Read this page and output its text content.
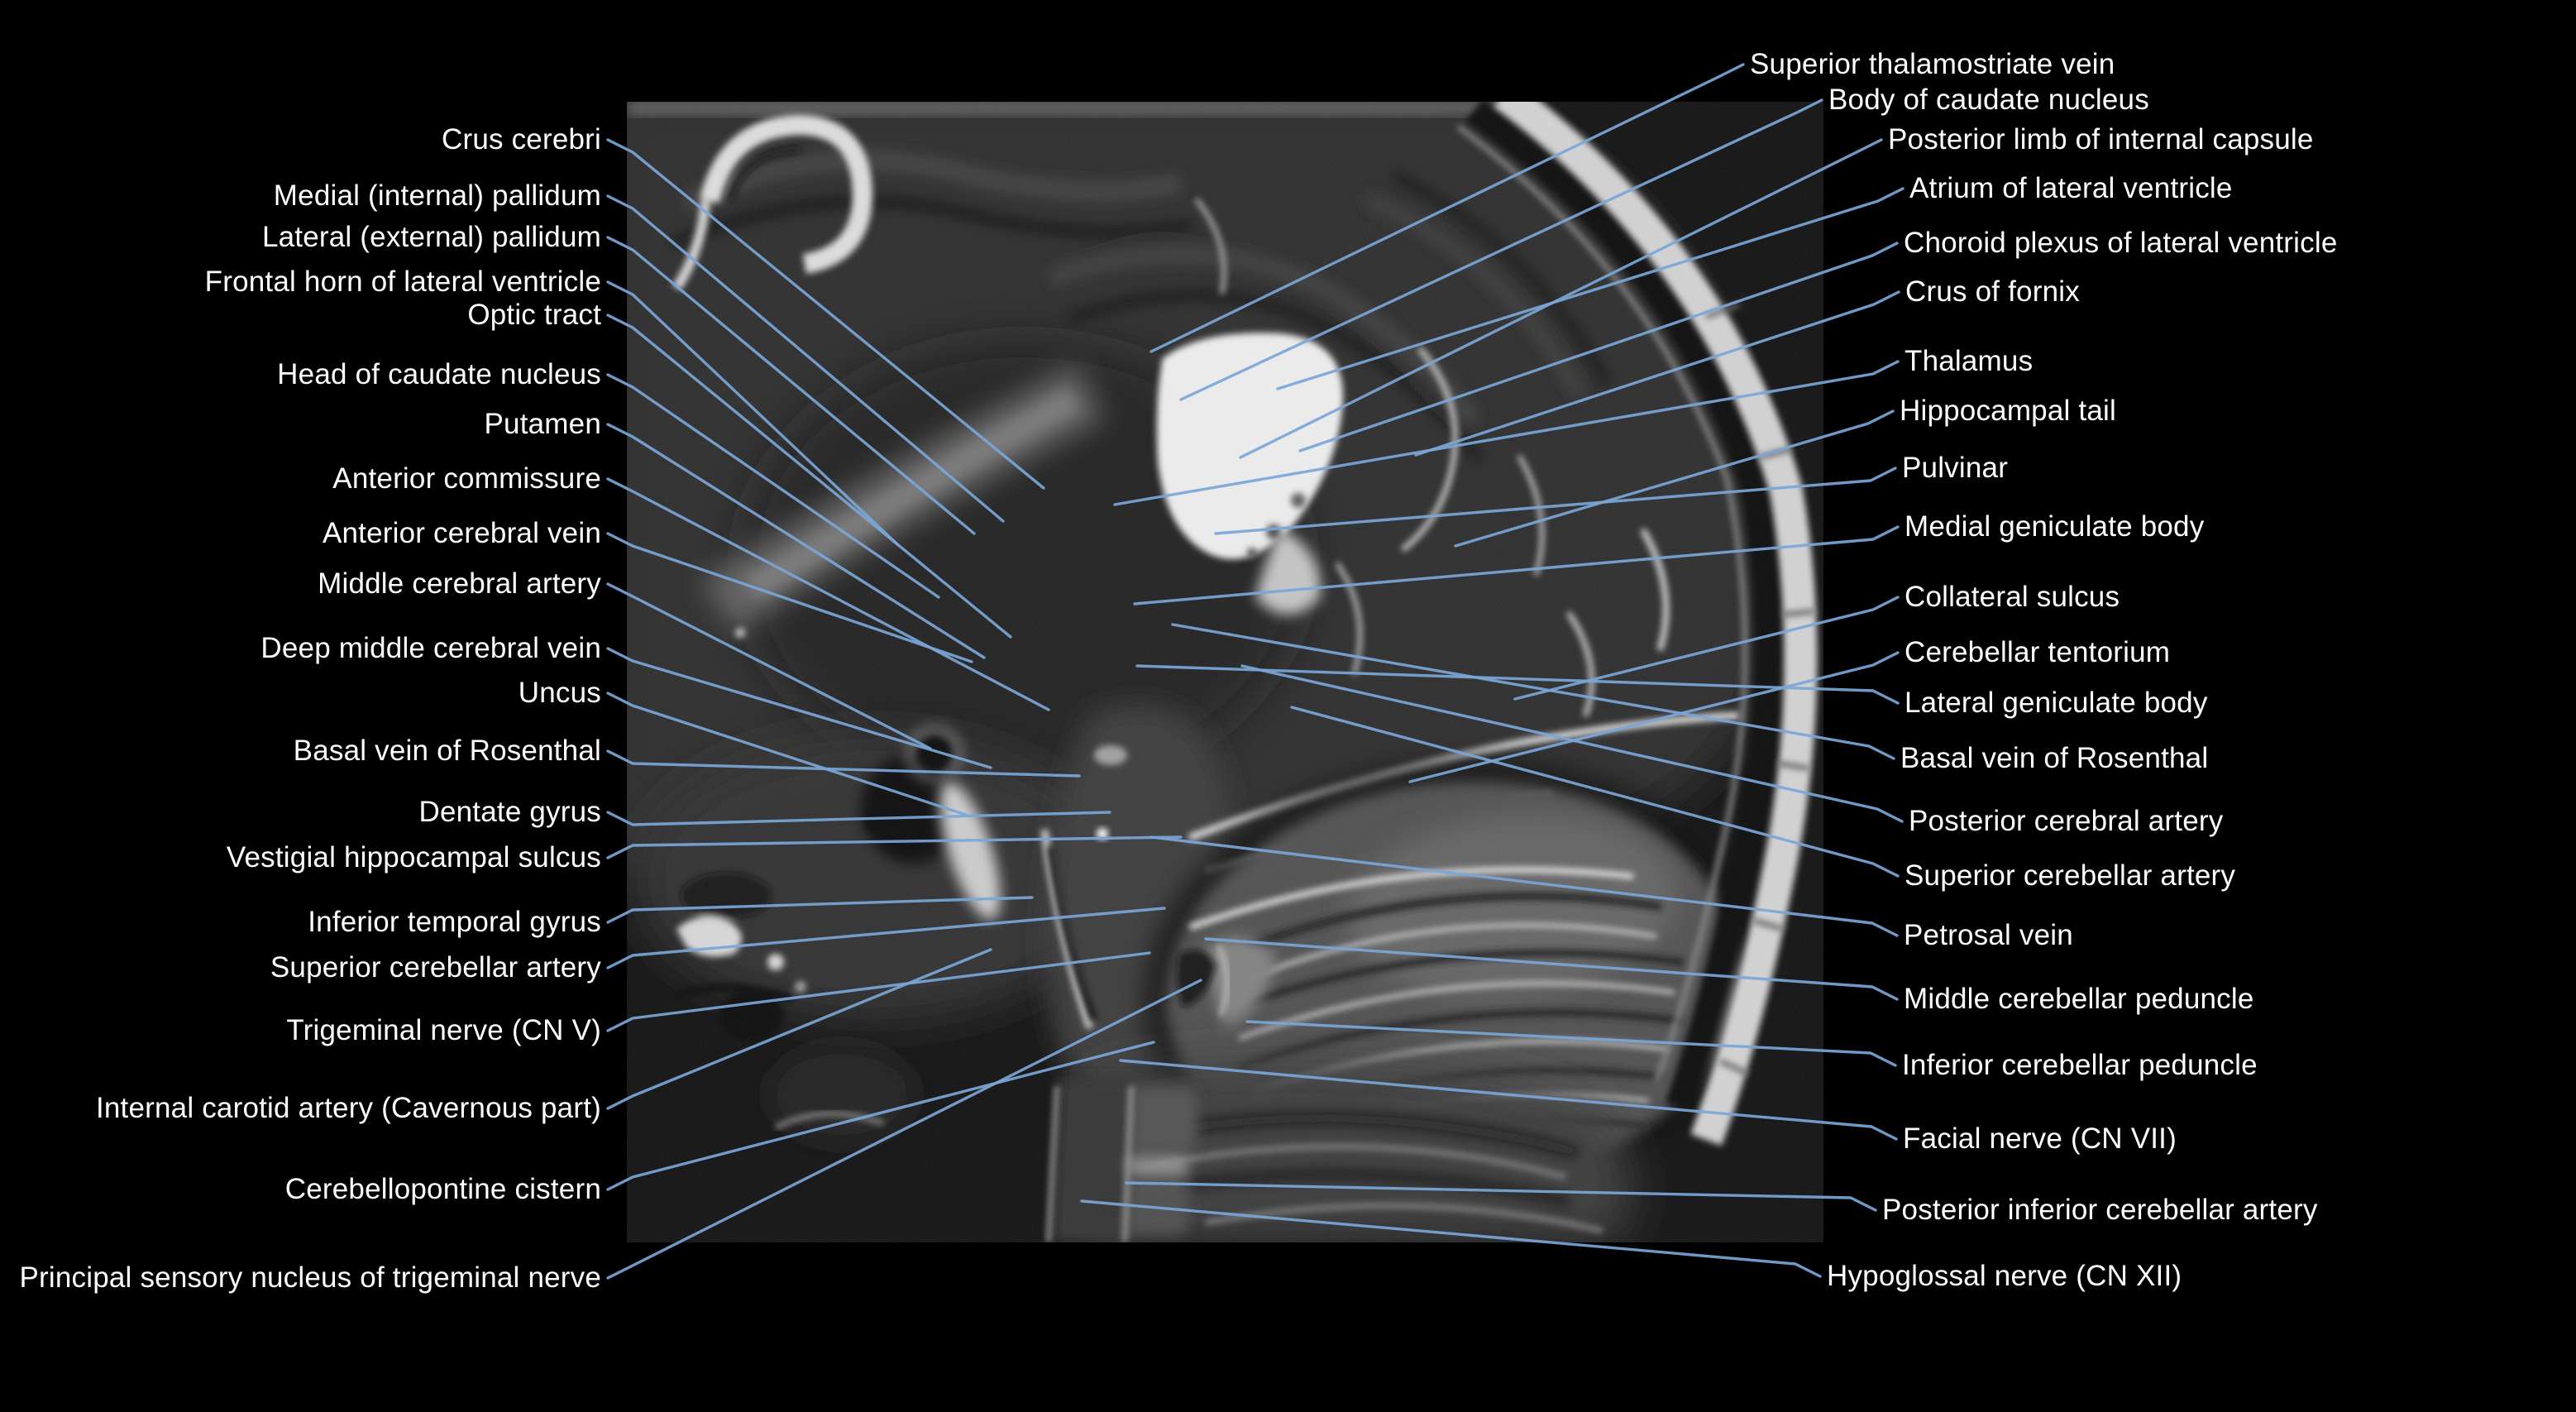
Crus cerebri
Medial (internal) pallidum
Lateral (external) pallidum
Frontal horn of lateral ventricle
Optic tract
Head of caudate nucleus
Putamen
Anterior commissure
Anterior cerebral vein
Middle cerebral artery
Deep middle cerebral vein
Uncus
Basal vein of Rosenthal
Dentate gyrus
Vestigial hippocampal sulcus
Inferior temporal gyrus
Superior cerebellar artery
Trigeminal nerve (CN V)
Internal carotid artery (Cavernous part)
Cerebellopontine cistern
Principal sensory nucleus of trigeminal nerve
Superior thalamostriate vein
Body of caudate nucleus
Posterior limb of internal capsule
Atrium of lateral ventricle
Choroid plexus of lateral ventricle
Crus of fornix
Thalamus
Hippocampal tail
Pulvinar
Medial geniculate body
Collateral sulcus
Cerebellar tentorium
Lateral geniculate body
Basal vein of Rosenthal
Posterior cerebral artery
Superior cerebellar artery
Petrosal vein
Middle cerebellar peduncle
Inferior cerebellar peduncle
Facial nerve (CN VII)
Posterior inferior cerebellar artery
Hypoglossal nerve (CN XII)
